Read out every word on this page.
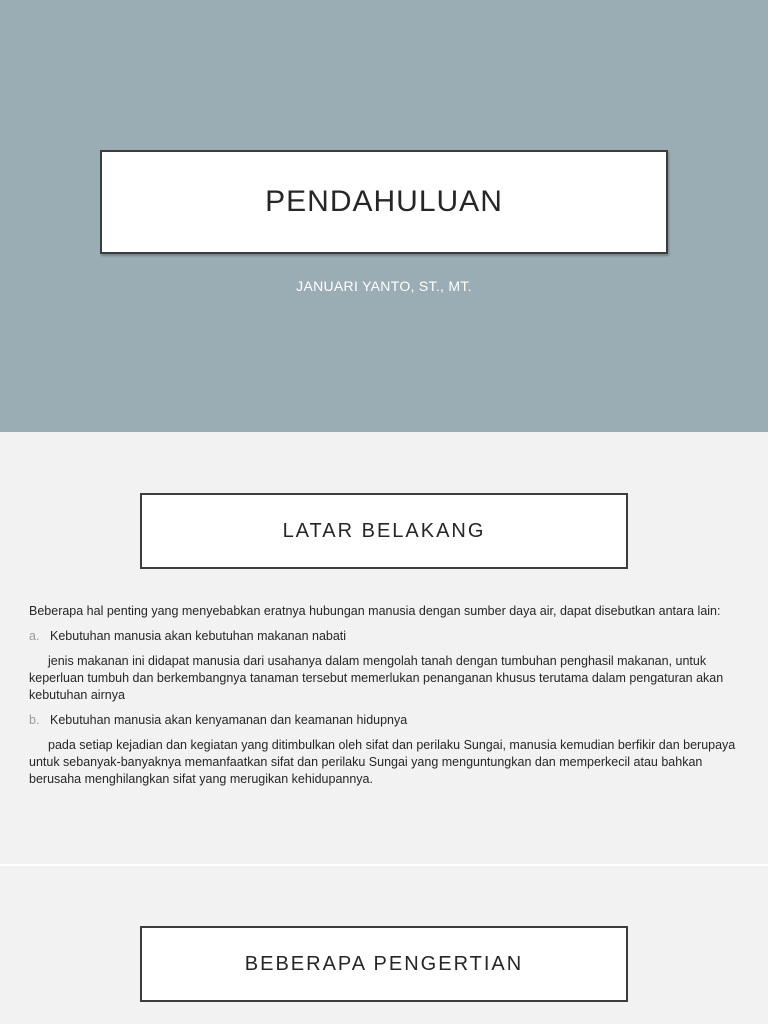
PENDAHULUAN
JANUARI YANTO, ST., MT.
LATAR BELAKANG

Beberapa hal penting yang menyebabkan eratnya hubungan manusia dengan sumber daya air, dapat disebutkan antara lain:

a. Kebutuhan manusia akan kebutuhan makanan nabati

jenis makanan ini didapat manusia dari usahanya dalam mengolah tanah dengan tumbuhan penghasil makanan, untuk keperluan tumbuh dan berkembangnya tanaman tersebut memerlukan penanganan khusus terutama dalam pengaturan akan kebutuhan airnya

b. Kebutuhan manusia akan kenyamanan dan keamanan hidupnya

pada setiap kejadian dan kegiatan yang ditimbulkan oleh sifat dan perilaku Sungai, manusia kemudian berfikir dan berupaya untuk sebanyak-banyaknya memanfaatkan sifat dan perilaku Sungai yang menguntungkan dan memperkecil atau bahkan berusaha menghilangkan sifat yang merugikan kehidupannya.

BEBERAPA PENGERTIAN
